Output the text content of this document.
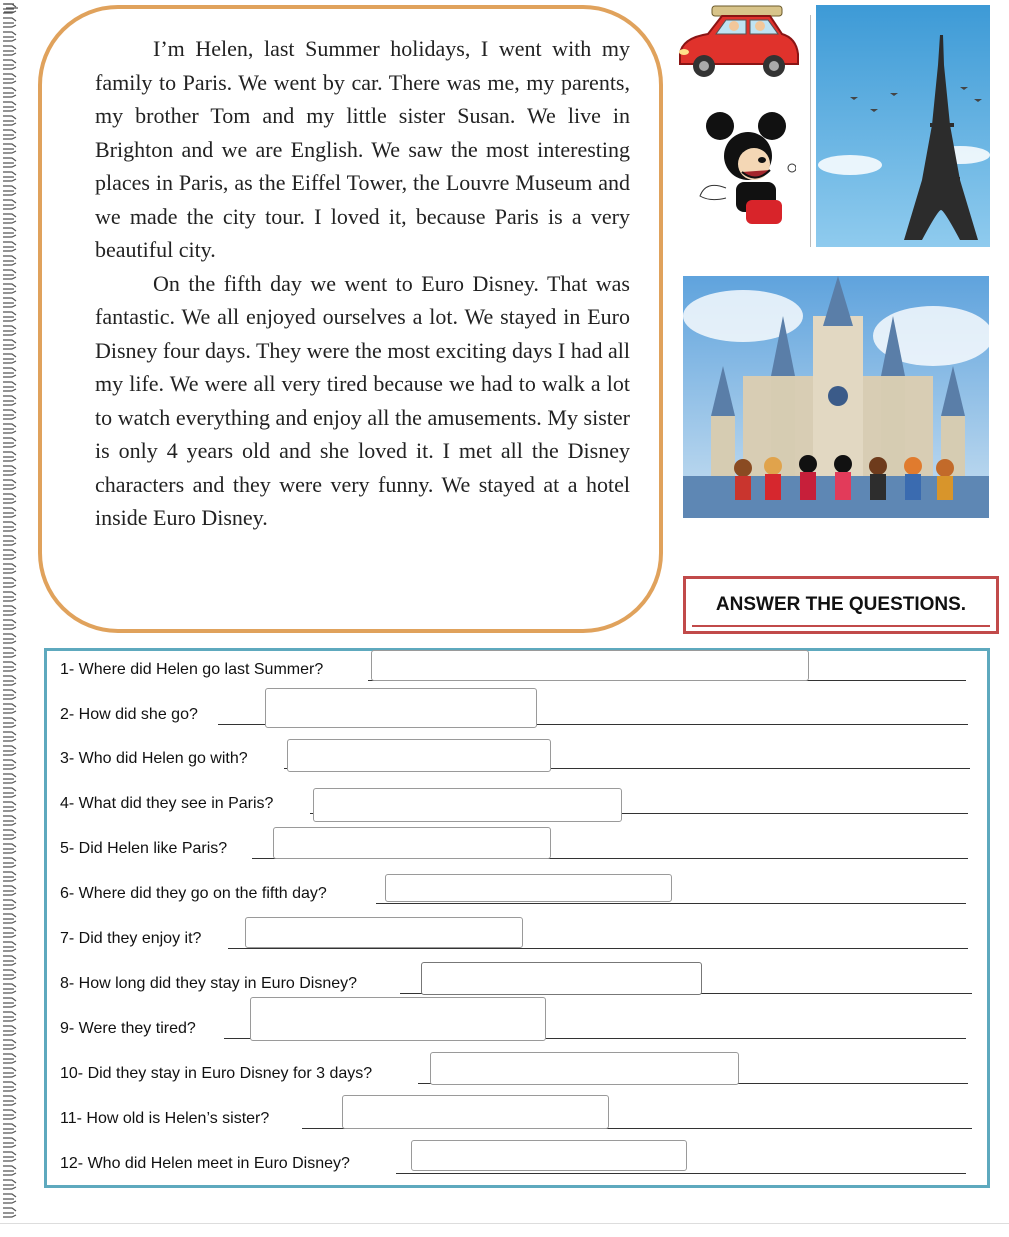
I’m Helen, last Summer holidays, I went with my family to Paris. We went by car. There was me, my parents, my brother Tom and my little sister Susan. We live in Brighton and we are English. We saw the most interesting places in Paris, as the Eiffel Tower, the Louvre Museum and we made the city tour. I loved it, because Paris is a very beautiful city.

On the fifth day we went to Euro Disney. That was fantastic. We all enjoyed ourselves a lot. We stayed in Euro Disney four days. They were the most exciting days I had all my life. We were all very tired because we had to walk a lot to watch everything and enjoy all the amusements. My sister is only 4 years old and she loved it. I met all the Disney characters and they were very funny. We stayed at a hotel inside Euro Disney.

ANSWER THE QUESTIONS.
1- Where did Helen go last Summer?
2- How did she go?
3- Who did Helen go with?
4- What did they see in Paris?
5- Did Helen like Paris?
6- Where did they go on the fifth day?
7- Did they enjoy it?
8- How long did they stay in Euro Disney?
9- Were they tired?
10- Did they stay in Euro Disney for 3 days?
11- How old is Helen’s sister?
12- Who did Helen meet in Euro Disney?
